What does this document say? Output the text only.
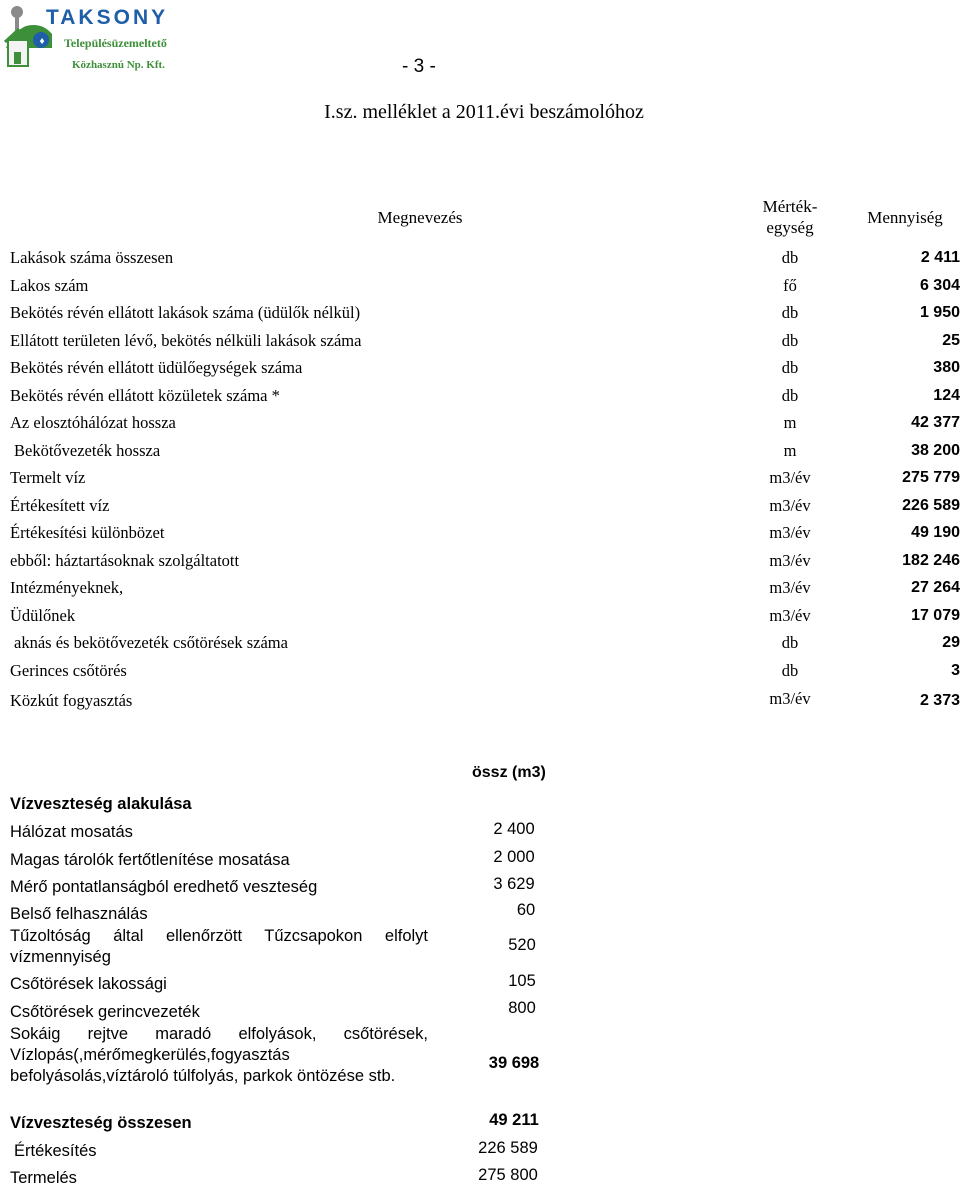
♦
TAKSONY
Településüzemeltető
Közhasznú Np. Kft.	- 3 -
I.sz. melléklet a 2011.évi beszámolóhoz
Megnevezés
Mérték-
egység
Mennyiség
Lakások száma összesen	db	2 411
Lakos szám	fő	6 304
Bekötés révén ellátott lakások száma (üdülők nélkül)	db	1 950
Ellátott területen lévő, bekötés nélküli lakások száma	db	25
Bekötés révén ellátott üdülőegységek száma	db	380
Bekötés révén ellátott közületek száma *	db	124
Az elosztóhálózat hossza	m	42 377
Bekötővezeték hossza	m	38 200
Termelt víz	m3/év	275 779
Értékesített víz	m3/év	226 589
Értékesítési különbözet	m3/év	49 190
ebből: háztartásoknak szolgáltatott	m3/év	182 246
Intézményeknek,	m3/év	27 264
Üdülőnek	m3/év	17 079
aknás és bekötővezeték csőtörések száma	db	29
Gerinces csőtörés	db	3
Közkút fogyasztás	m3/év	2 373
össz (m3)
Vízveszteség alakulása
Hálózat mosatás	2 400
Magas tárolók fertőtlenítése mosatása	2 000
Mérő pontatlanságból eredhető veszteség	3 629
Belső felhasználás	60
Tűzoltóság által ellenőrzött Tűzcsapokon elfolyt vízmennyiség
520
Csőtörések lakossági	105
Csőtörések gerincvezeték	800
Sokáig rejtve maradó elfolyások, csőtörések, Vízlopás(,mérőmegkerülés,fogyasztás befolyásolás,víztároló túlfolyás, parkok öntözése stb.
39 698
Vízveszteség összesen	49 211
Értékesítés	226 589
Termelés	275 800
